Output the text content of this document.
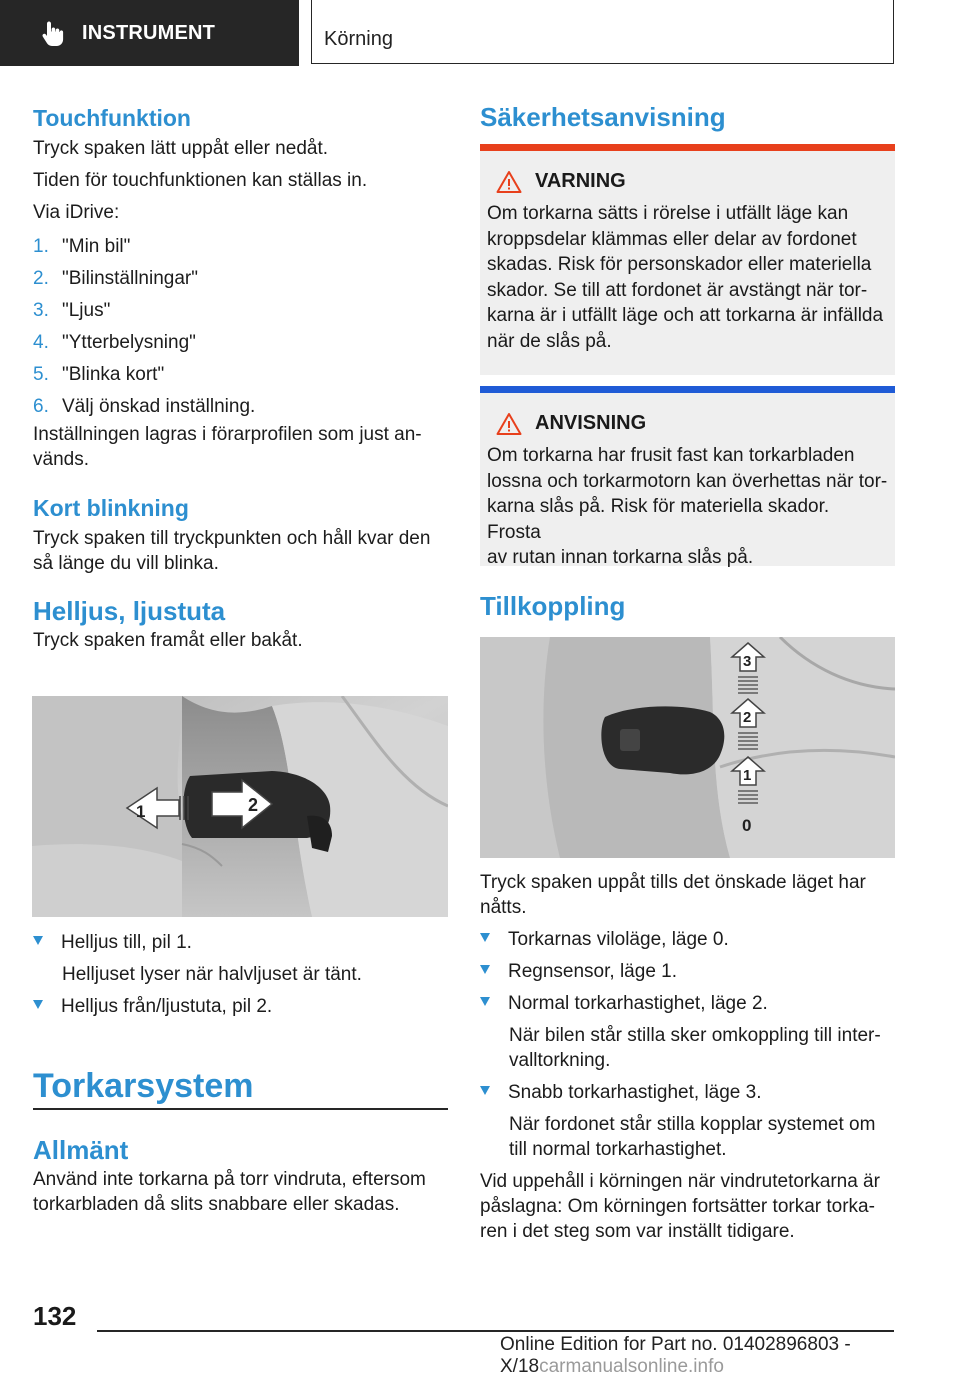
INSTRUMENT	Körning

Touchfunktion

Tryck spaken lätt uppåt eller nedåt.

Tiden för touchfunktionen kan ställas in.

Via iDrive:

1. "Min bil"
2. "Bilinställningar"
3. "Ljus"
4. "Ytterbelysning"
5. "Blinka kort"
6. Välj önskad inställning.

Inställningen lagras i förarprofilen som just an‐

vänds.

Kort blinkning

Tryck spaken till tryckpunkten och håll kvar den

så länge du vill blinka.

Helljus, ljustuta

Tryck spaken framåt eller bakåt.

1	2
Helljus till, pil 1.
Helljuset lyser när halvljuset är tänt.
Helljus från/ljustuta, pil 2.

Torkarsystem

Allmänt

Använd inte torkarna på torr vindruta, eftersom

torkarbladen då slits snabbare eller skadas.

Säkerhetsanvisning

VARNING

Om torkarna sätts i rörelse i utfällt läge kan

kroppsdelar klämmas eller delar av fordonet

skadas. Risk för personskador eller materiella

skador. Se till att fordonet är avstängt när tor‐

karna är i utfällt läge och att torkarna är infällda

när de slås på.

ANVISNING

Om torkarna har frusit fast kan torkarbladen

lossna och torkarmotorn kan överhettas när tor‐

karna slås på. Risk för materiella skador. Frosta

av rutan innan torkarna slås på.

Tillkoppling

3
2
1
0

Tryck spaken uppåt tills det önskade läget har

nåtts.

Torkarnas viloläge, läge 0.
Regnsensor, läge 1.
Normal torkarhastighet, läge 2.
När bilen står stilla sker omkoppling till inter‐
valltorkning.
Snabb torkarhastighet, läge 3.
När fordonet står stilla kopplar systemet om
till normal torkarhastighet.

Vid uppehåll i körningen när vindrutetorkarna är

påslagna: Om körningen fortsätter torkar torka‐

ren i det steg som var inställt tidigare.

132
Online Edition for Part no. 01402896803 - X/18carmanualsonline.info
